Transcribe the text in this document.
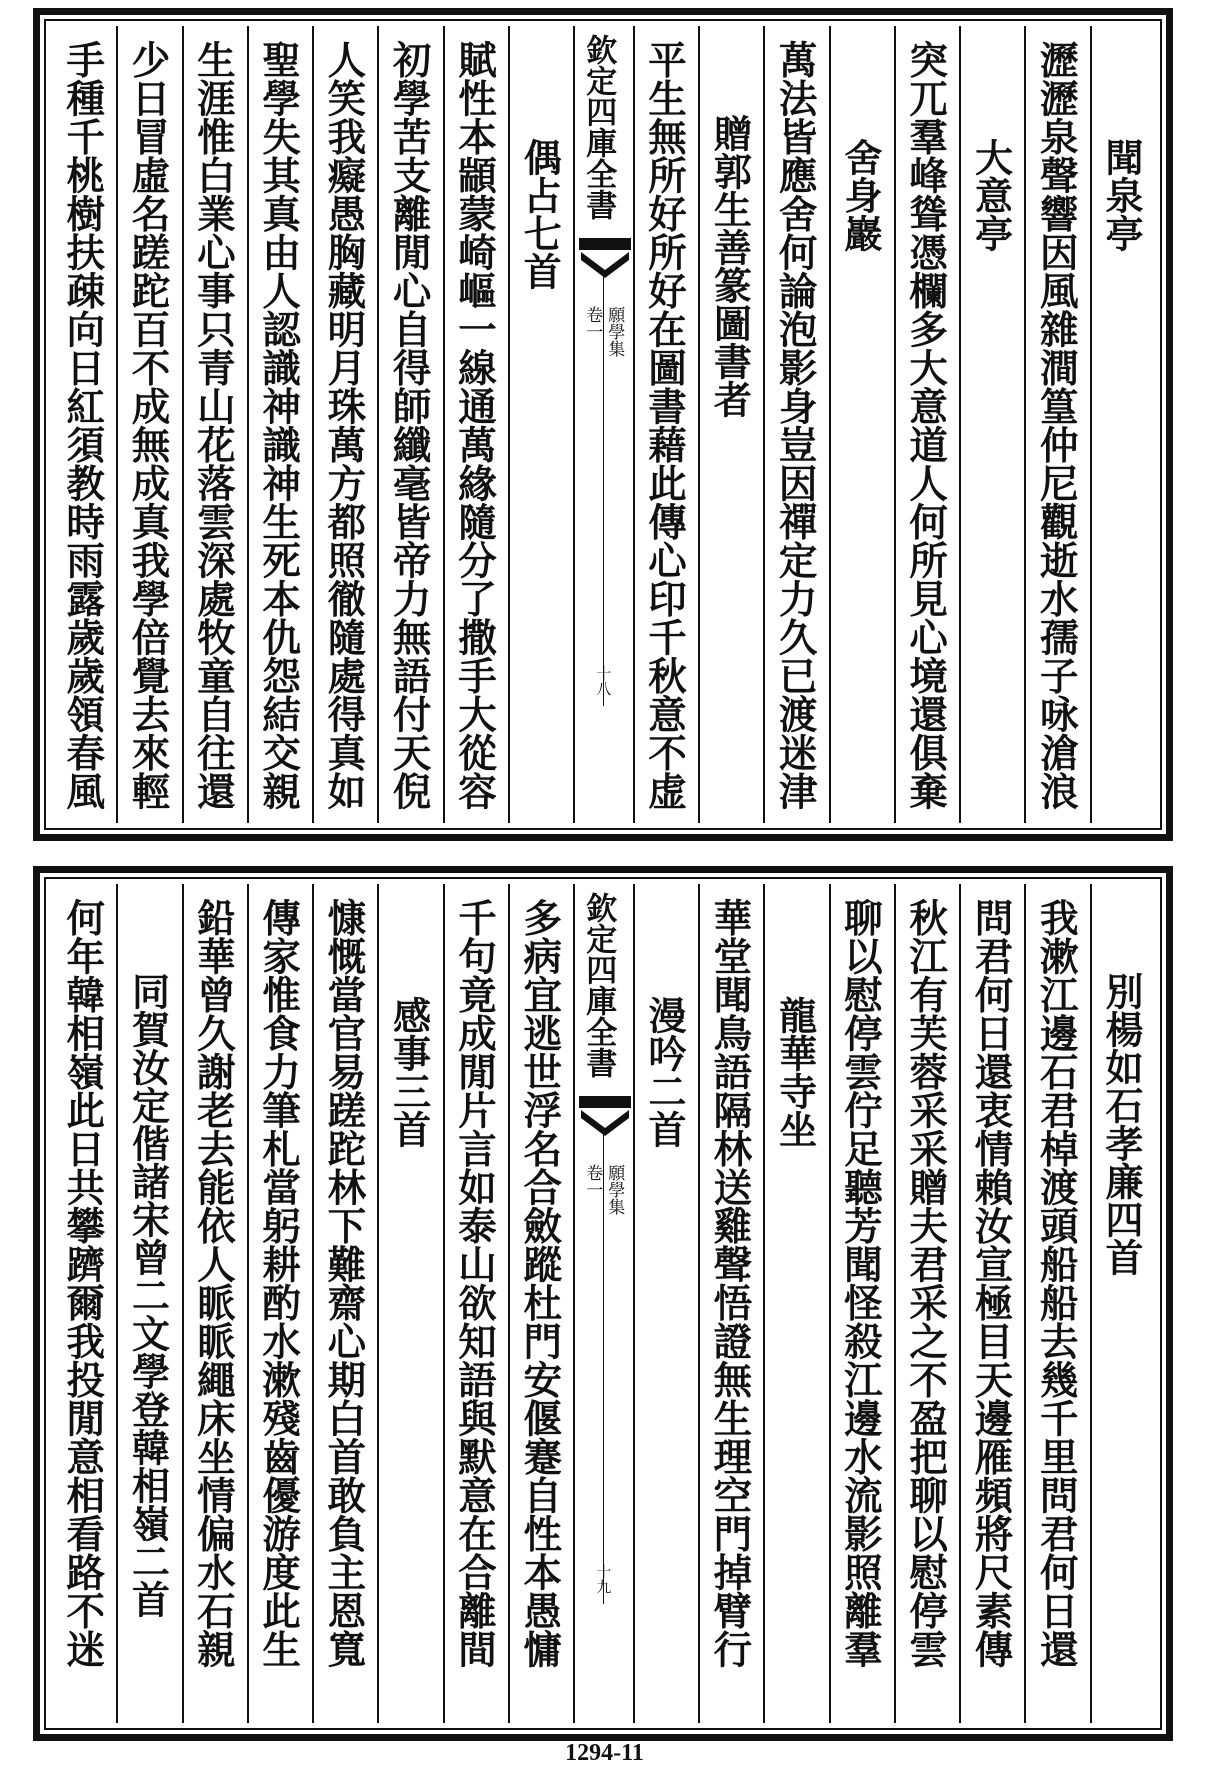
聞泉亭
瀝瀝泉聲響因風雜澗篁仲尼觀逝水孺子咏滄浪
大意亭
突兀羣峰聳憑欄多大意道人何所見心境還俱棄
舍身巖
萬法皆應舍何論泡影身豈因禪定力久已渡迷津
贈郭生善篆圖書者
平生無所好所好在圖書藉此傳心印千秋意不虚
欽定四庫全書
願學集
卷一
十八
偶占七首
賦性本顓蒙崎嶇一線通萬緣隨分了撒手大從容
初學苦支離閒心自得師纖毫皆帝力無語付天倪
人笑我癡愚胸藏明月珠萬方都照徹隨處得真如
聖學失其真由人認識神識神生死本仇怨結交親
生涯惟白業心事只青山花落雲深處牧童自往還
少日冒虛名蹉跎百不成無成真我學倍覺去來輕
手種千桃樹扶疎向日紅須教時雨露歲歲領春風
別楊如石孝廉四首
我漱江邊石君棹渡頭船船去幾千里問君何日還
問君何日還衷情賴汝宣極目天邊雁頻將尺素傳
秋江有芙蓉采采贈夫君采之不盈把聊以慰停雲
聊以慰停雲佇足聽芳聞怪殺江邊水流影照離羣
龍華寺坐
華堂聞鳥語隔林送雞聲悟證無生理空門掉臂行
漫吟二首
欽定四庫全書
願學集
卷一
十九
多病宜逃世浮名合斂蹤杜門安偃蹇自性本愚慵
千句竟成閒片言如泰山欲知語與默意在合離間
感事三首
慷慨當官易蹉跎林下難齋心期白首敢負主恩寬
傳家惟食力筆札當躬耕酌水漱殘齒優游度此生
鉛華曾久謝老去能依人眽眽繩床坐情偏水石親
同賀汝定偕諸宋曾二文學登韓相嶺二首
何年韓相嶺此日共攀躋爾我投閒意相看路不迷
1294-11
